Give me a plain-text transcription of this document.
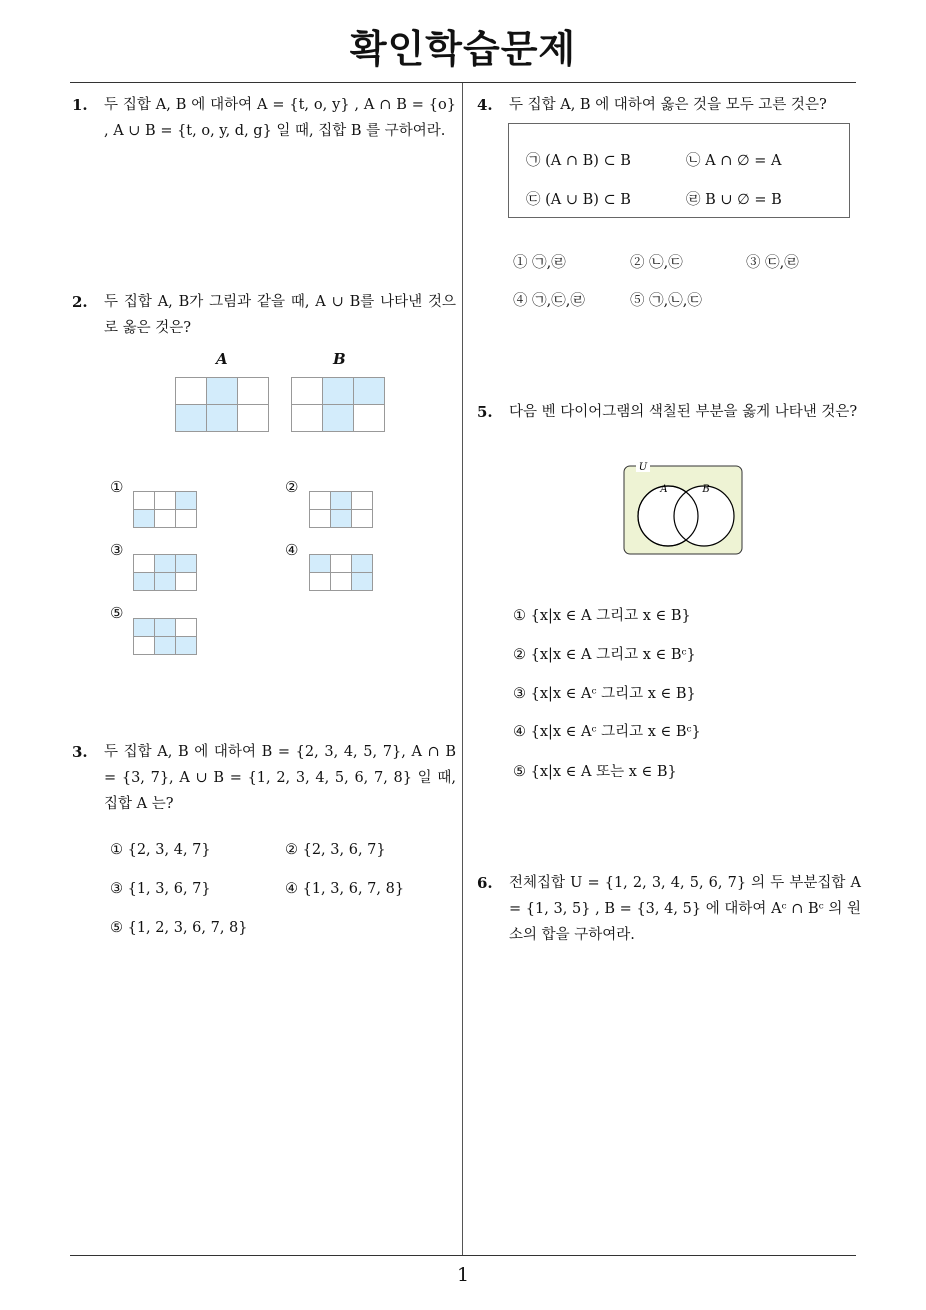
확인학습문제
1
1. 두 집합 A, B 에 대하여 A = {t, o, y} , A ∩ B = {o} , A ∪ B = {t, o, y, d, g} 일 때, 집합 B 를 구하여라.
2. 두 집합 A, B가 그림과 같을 때, A ∪ B를 나타낸 것으로 옳은 것은?
A	B
①	②
③	④
⑤
3. 두 집합 A, B 에 대하여 B = {2, 3, 4, 5, 7}, A ∩ B = {3, 7}, A ∪ B = {1, 2, 3, 4, 5, 6, 7, 8} 일 때, 집합 A 는?
① {2, 3, 4, 7}	② {2, 3, 6, 7}
③ {1, 3, 6, 7}	④ {1, 3, 6, 7, 8}
⑤ {1, 2, 3, 6, 7, 8}
4. 두 집합 A, B 에 대하여 옳은 것을 모두 고른 것은?
㉠ (A ∩ B) ⊂ B	㉡ A ∩ ∅ = A
㉢ (A ∪ B) ⊂ B	㉣ B ∪ ∅ = B
① ㉠,㉣	② ㉡,㉢	③ ㉢,㉣
④ ㉠,㉢,㉣	⑤ ㉠,㉡,㉢
5. 다음 벤 다이어그램의 색칠된 부분을 옳게 나타낸 것은?
U
A	B
① {x|x ∈ A 그리고 x ∈ B}
② {x|x ∈ A 그리고 x ∈ Bᶜ}
③ {x|x ∈ Aᶜ 그리고 x ∈ B}
④ {x|x ∈ Aᶜ 그리고 x ∈ Bᶜ}
⑤ {x|x ∈ A 또는 x ∈ B}
6. 전체집합 U = {1, 2, 3, 4, 5, 6, 7} 의 두 부분집합 A = {1, 3, 5} , B = {3, 4, 5} 에 대하여 Aᶜ ∩ Bᶜ 의 원소의 합을 구하여라.
